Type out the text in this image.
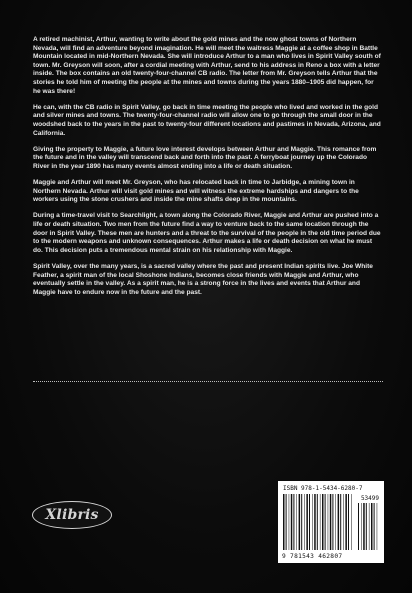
A retired machinist, Arthur, wanting to write about the gold mines and the now ghost towns of Northern Nevada, will find an adventure beyond imagination. He will meet the waitress Maggie at a coffee shop in Battle Mountain located in mid-Northern Nevada. She will introduce Arthur to a man who lives in Spirit Valley south of town. Mr. Greyson will soon, after a cordial meeting with Arthur, send to his address in Reno a box with a letter inside. The box contains an old twenty-four-channel CB radio. The letter from Mr. Greyson tells Arthur that the stories he told him of meeting the people at the mines and towns during the years 1880–1905 did happen, for he was there!

He can, with the CB radio in Spirit Valley, go back in time meeting the people who lived and worked in the gold and silver mines and towns. The twenty-four-channel radio will allow one to go through the small door in the woodshed back to the years in the past to twenty-four different locations and pastimes in Nevada, Arizona, and California.

Giving the property to Maggie, a future love interest develops between Arthur and Maggie. This romance from the future and in the valley will transcend back and forth into the past. A ferryboat journey up the Colorado River in the year 1890 has many events almost ending into a life or death situation.

Maggie and Arthur will meet Mr. Greyson, who has relocated back in time to Jarbidge, a mining town in Northern Nevada. Arthur will visit gold mines and will witness the extreme hardships and dangers to the workers using the stone crushers and inside the mine shafts deep in the mountains.

During a time-travel visit to Searchlight, a town along the Colorado River, Maggie and Arthur are pushed into a life or death situation. Two men from the future find a way to venture back to the same location through the door in Spirit Valley. These men are hunters and a threat to the survival of the people in the old time period due to the modern weapons and unknown consequences. Arthur makes a life or death decision on what he must do. This decision puts a tremendous mental strain on his relationship with Maggie.

Spirit Valley, over the many years, is a sacred valley where the past and present Indian spirits live. Joe White Feather, a spirit man of the local Shoshone Indians, becomes close friends with Maggie and Arthur, who eventually settle in the valley. As a spirit man, he is a strong force in the lives and events that Arthur and Maggie have to endure now in the future and the past.

Xlibris
ISBN 978-1-5434-6280-7
53499
9 781543 462807
